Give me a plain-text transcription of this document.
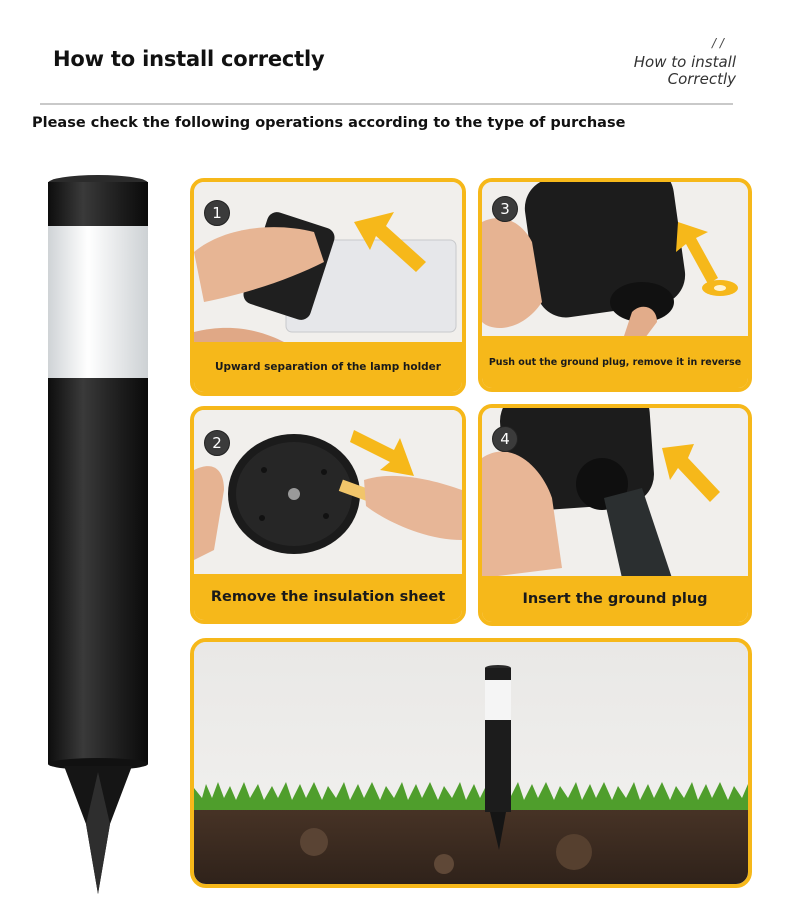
How to install correctly
/ /
How to install
Correctly
Please check the following operations according to the type of purchase
1
Upward separation of the lamp holder
3
Push out the ground plug, remove it in reverse
2
Remove the insulation sheet
4
Insert the ground plug
